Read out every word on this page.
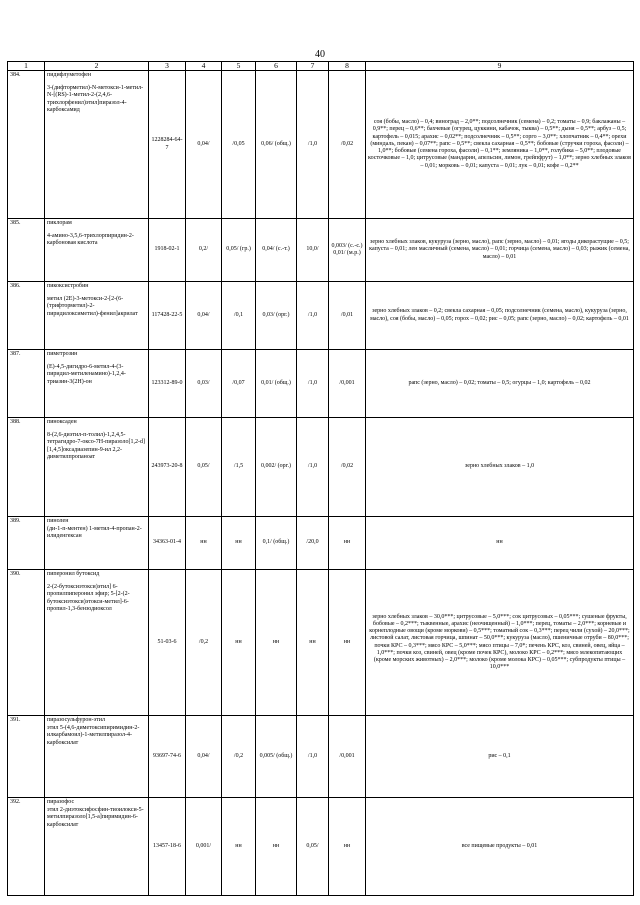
40
1	2	3	4	5	6	7	8	9
384.	пидифлуметофен
3-(дифторметил)-N-метокси-1-метил-N-[(RS)-1-метил-2-(2,4,6-трихлорфенил)этил]пиразол-4-карбоксамид	1228284-64-7	0,04/	/0,05	0,06/ (общ.)	/1,0	/0,02	соя (бобы, масло) – 0,4; виноград – 2,0**; подсолнечник (семена) – 0,2; томаты – 0,9; баклажаны – 0,9**; перец – 0,6**; бахчевые (огурец, цуккини, кабачок, тыква) – 0,5**; дыня – 0,5**; арбуз – 0,5; картофель – 0,015; арахис – 0,02**; подсолнечник – 0,5**; сорго – 3,0**; хлопчатник – 0,4**; орехи (миндаль, пекан) – 0,07**; рапс – 0,5**; свекла сахарная – 0,5**; бобовые (стручки гороха, фасоли) – 1,0**; бобовые (семена гороха, фасоли) – 0,1**; земляника – 1,0**, голубика – 5,0**; плодовые косточковые – 1,0; цитрусовые (мандарин, апельсин, лимон, грейпфрут) – 1,0**; зерно хлебных злаков – 0,01; морковь – 0,01; капуста – 0,01; лук – 0,01; кофе – 0,2**
385.	пиклорам
4-амино-3,5,6-трихлорпиридин-2-карбоновая кислота	1918-02-1	0,2/	0,05/ (гр.)	0,04/ (с.-т.)	10,0/	0,003/ (с.-с.) 0,01/ (м.р.)	зерно хлебных злаков, кукуруза (зерно, масло), рапс (зерно, масло) – 0,01; ягоды дикорастущие – 0,5; капуста – 0,01; лен масличный (семена, масло) – 0,01; горчица (семена, масло) – 0,03; рыжик (семена, масло) – 0,01
386.	пикоксистробин
метил (2E)-3-метокси-2-[2-(6-(трифторметил)-2-пиридилоксиметил)-фенил]акрилат	117428-22-5	0,04/	/0,1	0,03/ (орг.)	/1,0	/0,01	зерно хлебных злаков – 0,2; свекла сахарная – 0,05; подсолнечник (семена, масло), кукуруза (зерно, масло), соя (бобы, масло) – 0,05; горох – 0,02; рис – 0,05; рапс (зерно, масло) – 0,02; картофель – 0,01
387.	пиметрозин
(E)-4,5-дигидро-6-метил-4-(3-пиридил-метиленамино)-1,2,4-триазин-3(2H)-он	123312-89-0	0,03/	/0,07	0,01/ (общ.)	/1,0	/0,001	рапс (зерно, масло) – 0,02; томаты – 0,5; огурцы – 1,0; картофель – 0,02
388.	пиноксаден
8-(2,6-диэтил-п-толил)-1,2,4,5-тетрагидро-7-оксо-7H-пиразоло[1,2-d][1,4,5]оксадиазепин-9-ил 2,2-диметилпропаноат	243973-20-8	0,05/	/1,5	0,002/ (орг.)	/1,0	/0,02	зерно хлебных злаков – 1,0
389.	пинолен
(ди-1-п-ментен) 1-метил-4-пропан-2-илиденгексан	34363-01-4	нн	нн	0,1/ (общ.)	/20,0	нн	нн
390.	пиперонил бутоксид
2-(2-бутоксиэтокси)этил] 6-пропилпиперонил эфир; 5-[2-(2-бутоксиэтокси)этокси-метил]-6-пропил-1,3-бензодиоксол	51-03-6	/0,2	нн	нн	нн	нн	зерно хлебных злаков – 30,0***; цитрусовые – 5,0***; сок цитрусовых – 0,05***; сушеные фрукты, бобовые – 0,2***; тыквенные, арахис (неочищенный) – 1,0***; перец, томаты – 2,0***; корневые и корнеплодные овощи (кроме моркови) – 0,5***; томатный сок – 0,3***; перец чили (сухой) – 20,0***; листовой салат, листовая горчица, шпинат – 50,0***; кукуруза (масло), пшеничные отруби – 80,0***; почки КРС – 0,3***; мясо КРС – 5,0***; мясо птицы – 7,0*; печень КРС, коз, свиней, овец, яйца – 1,0***; почки коз, свиней, овец (кроме почек КРС), молоко КРС – 0,2***; мясо млекопитающих (кроме морских животных) – 2,0***; молоко (кроме молока КРС) – 0,05***; субпродукты птицы – 10,0***
391.	пиразосульфурон-этил
этил 5-(4,6-диметоксипиримидин-2-илкарбамоил)-1-метилпиразол-4-карбоксилат	93697-74-6	0,04/	/0,2	0,005/ (общ.)	/1,0	/0,001	рис – 0,1
392.	пиразофос
этил 2-диэтоксифосфин-тиоилокси-5-метилпиразоло[1,5-a]пиримидин-6-карбоксилат	13457-18-6	0,001/	нн	нн	0,05/	нн	все пищевые продукты – 0,01
